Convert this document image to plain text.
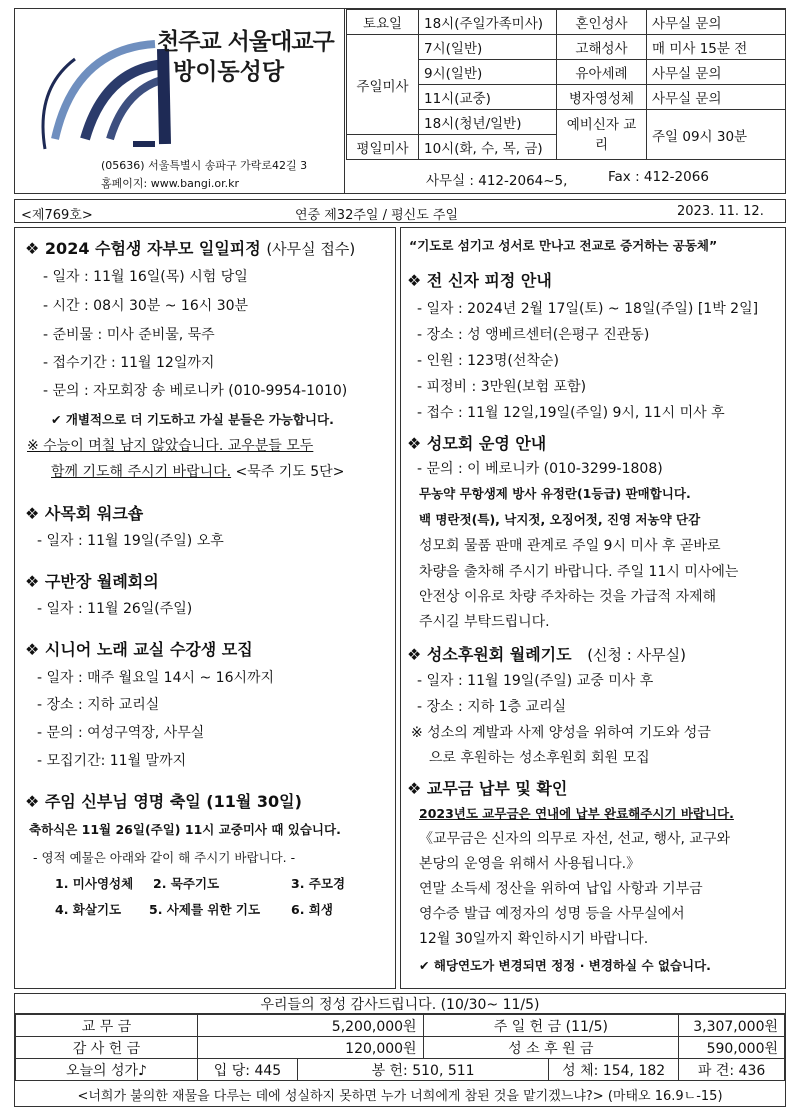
천주교 서울대교구
방이동성당
(05636) 서울특별시 송파구 가락로42길 3
홈페이지: www.bangi.or.kr
토요일	18시(주일가족미사)	혼인성사	사무실 문의
주일미사	7시(일반)	고해성사	매 미사 15분 전
	9시(일반)	유아세례	사무실 문의
	11시(교중)	병자영성체	사무실 문의
	18시(청년/일반)	예비신자 교리	주일 09시 30분
평일미사	10시(화, 수, 목, 금)		
사무실 : 412-2064~5,	Fax : 412-2066
<제769호>	연중 제32주일 / 평신도 주일	2023. 11. 12.
❖ 2024 수험생 자부모 일일피정 (사무실 접수)
- 일자 : 11월 16일(목) 시험 당일
- 시간 : 08시 30분 ~ 16시 30분
- 준비물 : 미사 준비물, 묵주
- 접수기간 : 11월 12일까지
- 문의 : 자모회장 송 베로니카 (010-9954-1010)
✔ 개별적으로 더 기도하고 가실 분들은 가능합니다.
※ 수능이 며칠 남지 않았습니다. 교우분들 모두
함께 기도해 주시기 바랍니다. <묵주 기도 5단>
❖ 사목회 워크숍
- 일자 : 11월 19일(주일) 오후
❖ 구반장 월례회의
- 일자 : 11월 26일(주일)
❖ 시니어 노래 교실 수강생 모집
- 일자 : 매주 월요일 14시 ~ 16시까지
- 장소 : 지하 교리실
- 문의 : 여성구역장, 사무실
- 모집기간: 11월 말까지
❖ 주임 신부님 영명 축일 (11월 30일)
축하식은 11월 26일(주일) 11시 교중미사 때 있습니다.
- 영적 예물은 아래와 같이 해 주시기 바랍니다. -
1. 미사영성체 2. 묵주기도	3. 주모경
4. 화살기도 5. 사제를 위한 기도 6. 희생
“기도로 섬기고 성서로 만나고 전교로 증거하는 공동체”
❖ 전 신자 피정 안내
- 일자 : 2024년 2월 17일(토) ~ 18일(주일) [1박 2일]
- 장소 : 성 앵베르센터(은평구 진관동)
- 인원 : 123명(선착순)
- 피정비 : 3만원(보험 포함)
- 접수 : 11월 12일,19일(주일) 9시, 11시 미사 후
❖ 성모회 운영 안내
- 문의 : 이 베로니카 (010-3299-1808)
무농약 무항생제 방사 유정란(1등급) 판매합니다.
백 명란젓(특), 낙지젓, 오징어젓, 진영 저농약 단감
성모회 물품 판매 관계로 주일 9시 미사 후 곧바로
차량을 출차해 주시기 바랍니다. 주일 11시 미사에는
안전상 이유로 차량 주차하는 것을 가급적 자제해
주시길 부탁드립니다.
❖ 성소후원회 월례기도 (신청 : 사무실)
- 일자 : 11월 19일(주일) 교중 미사 후
- 장소 : 지하 1층 교리실
※ 성소의 계발과 사제 양성을 위하여 기도와 성금
으로 후원하는 성소후원회 회원 모집
❖ 교무금 납부 및 확인
2023년도 교무금은 연내에 납부 완료해주시기 바랍니다.
《교무금은 신자의 의무로 자선, 선교, 행사, 교구와
본당의 운영을 위해서 사용됩니다.》
연말 소득세 정산을 위하여 납입 사항과 기부금
영수증 발급 예정자의 성명 등을 사무실에서
12월 30일까지 확인하시기 바랍니다.
✔ 해당연도가 변경되면 정정 · 변경하실 수 없습니다.
우리들의 정성 감사드립니다. (10/30~ 11/5)
교 무 금	5,200,000원		주 일 헌 금 (11/5)		3,307,000원
감 사 헌 금	120,000원		성 소 후 원 금		590,000원
오늘의 성가♪	입 당: 445	봉 헌: 510, 511		성 체: 154, 182	파 견: 436
<너희가 불의한 재물을 다루는 데에 성실하지 못하면 누가 너희에게 참된 것을 맡기겠느냐?> (마태오 16.9ㄴ-15)
